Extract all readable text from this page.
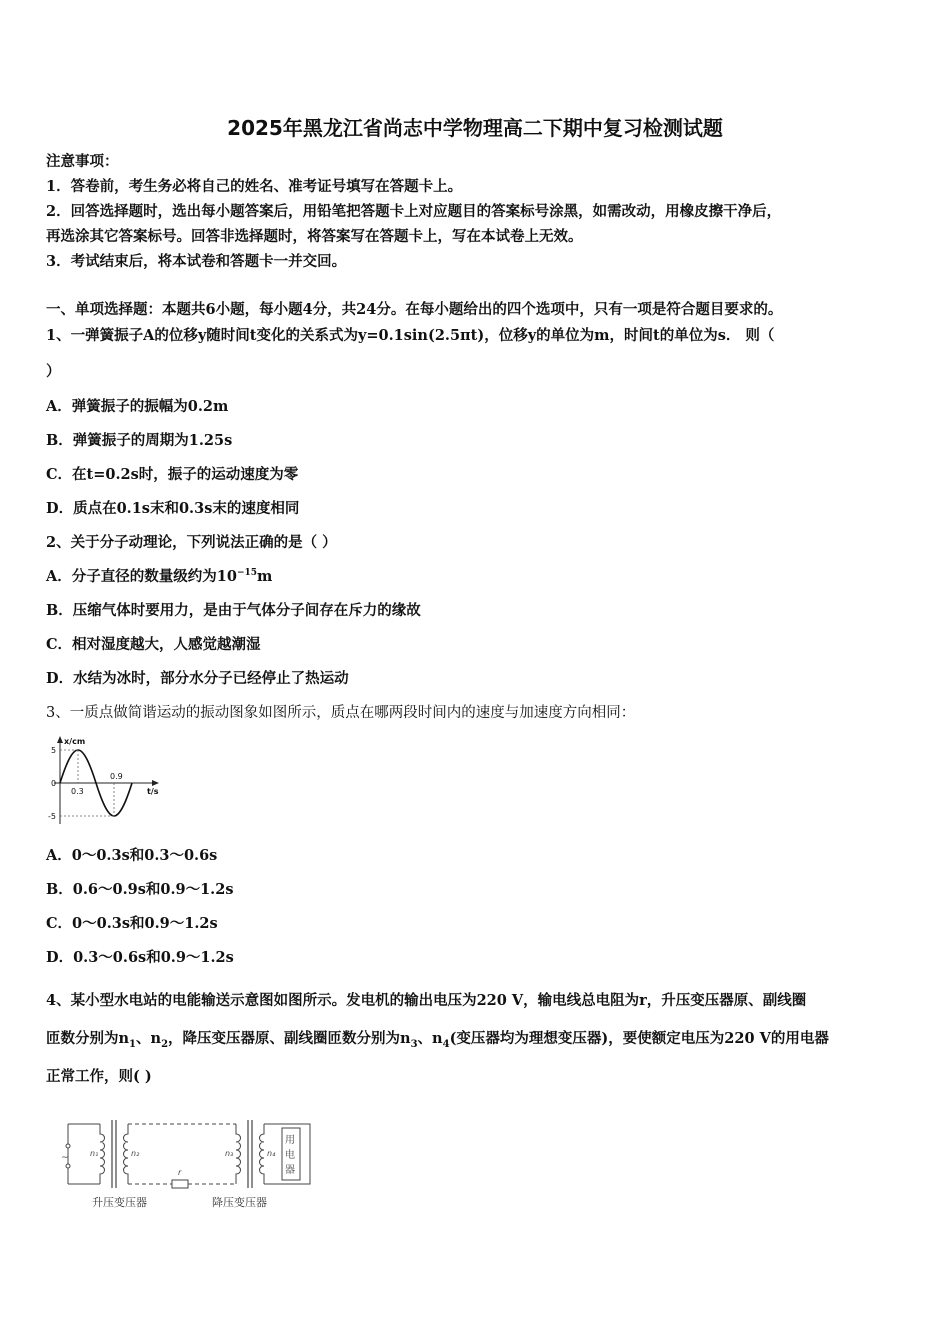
2025年黑龙江省尚志中学物理高二下期中复习检测试题
注意事项：
1．答卷前，考生务必将自己的姓名、准考证号填写在答题卡上。
2．回答选择题时，选出每小题答案后，用铅笔把答题卡上对应题目的答案标号涂黑，如需改动，用橡皮擦干净后，
再选涂其它答案标号。回答非选择题时，将答案写在答题卡上，写在本试卷上无效。
3．考试结束后，将本试卷和答题卡一并交回。
一、单项选择题：本题共6小题，每小题4分，共24分。在每小题给出的四个选项中，只有一项是符合题目要求的。
1、一弹簧振子A的位移y随时间t变化的关系式为y=0.1sin(2.5πt)，位移y的单位为m，时间t的单位为s． 则（
）
A．弹簧振子的振幅为0.2m
B．弹簧振子的周期为1.25s
C．在t=0.2s时，振子的运动速度为零
D．质点在0.1s末和0.3s末的速度相同
2、关于分子动理论，下列说法正确的是（ ）
A．分子直径的数量级约为$10^{-15}m$
B．压缩气体时要用力，是由于气体分子间存在斥力的缘故
C．相对湿度越大，人感觉越潮湿
D．水结为冰时，部分水分子已经停止了热运动
3、一质点做简谐运动的振动图象如图所示，质点在哪两段时间内的速度与加速度方向相同：
x/cm
t/s
5
-5
0
0.3
0.9
A．0～0.3s和0.3～0.6s
B．0.6～0.9s和0.9～1.2s
C．0～0.3s和0.9～1.2s
D．0.3～0.6s和0.9～1.2s
4、某小型水电站的电能输送示意图如图所示。发电机的输出电压为220 V，输电线总电阻为r，升压变压器原、副线圈
匝数分别为$n_1$、$n_2$，降压变压器原、副线圈匝数分别为$n_3$、$n_4$(变压器均为理想变压器)，要使额定电压为220 V的用电器
正常工作，则( )
~	n₁	n₂
r
n₃	n₄
用
电
器
升压变压器	降压变压器
